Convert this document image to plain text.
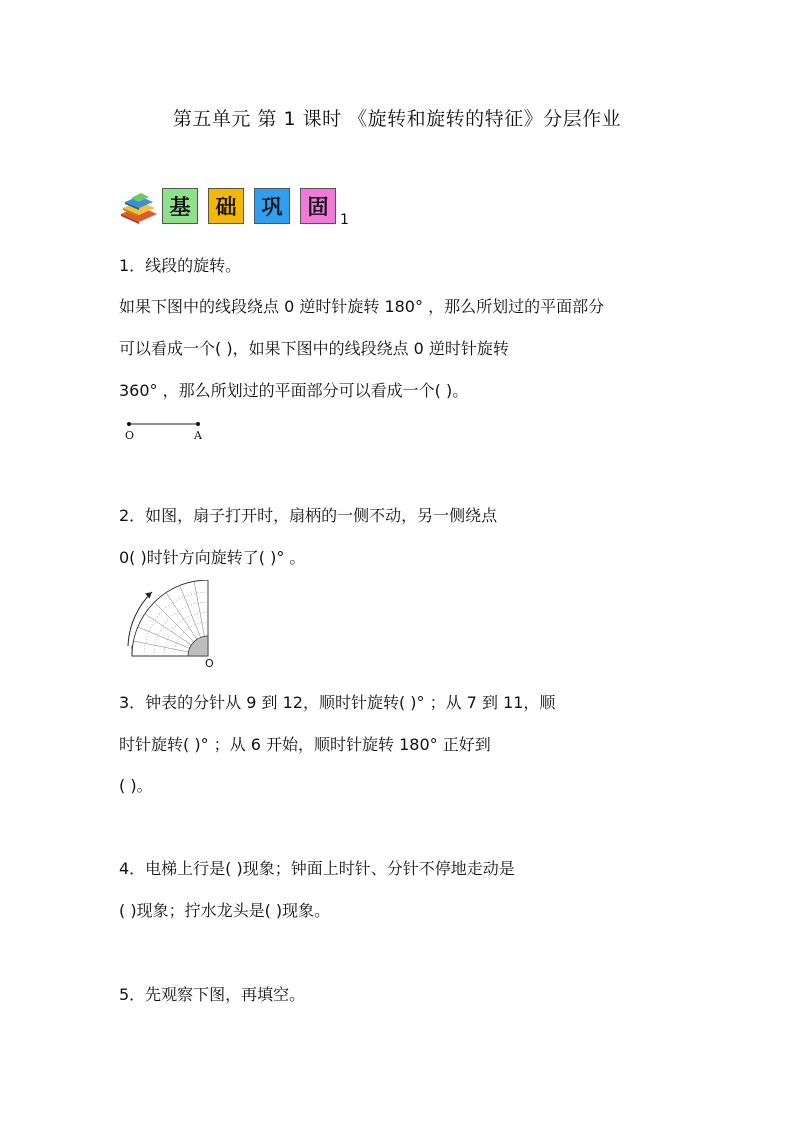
第五单元 第 1 课时 《旋转和旋转的特征》分层作业
基	础	巩	固
1
1．线段的旋转。
如果下图中的线段绕点 0 逆时针旋转 180° ，那么所划过的平面部分
可以看成一个( )，如果下图中的线段绕点 0 逆时针旋转
360° ，那么所划过的平面部分可以看成一个( )。
O	A
2．如图，扇子打开时，扇柄的一侧不动，另一侧绕点
0( )时针方向旋转了( )° 。
O
3．钟表的分针从 9 到 12，顺时针旋转( )° ；从 7 到 11，顺
时针旋转( )° ；从 6 开始，顺时针旋转 180° 正好到
( )。
4．电梯上行是( )现象；钟面上时针、分针不停地走动是
( )现象；拧水龙头是( )现象。
5．先观察下图，再填空。
